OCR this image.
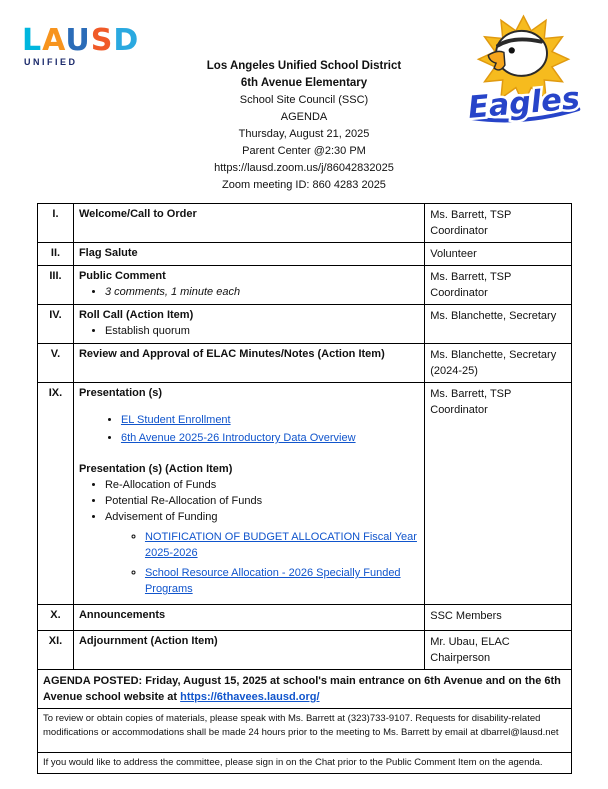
LAUSD
UNIFIED
Eagles
Los Angeles Unified School District
6th Avenue Elementary
School Site Council (SSC)
AGENDA
Thursday, August 21, 2025
Parent Center @2:30 PM
https://lausd.zoom.us/j/86042832025
Zoom meeting ID: 860 4283 2025
I.	Welcome/Call to Order	Ms. Barrett, TSP Coordinator
II.	Flag Salute	Volunteer
III.	Public Comment
• 3 comments, 1 minute each
	Ms. Barrett, TSP Coordinator
IV.	Roll Call (Action Item)
• Establish quorum
	Ms. Blanchette, Secretary
V.	Review and Approval of ELAC Minutes/Notes (Action Item)	Ms. Blanchette, Secretary (2024-25)
IX.	Presentation (s)
• EL Student Enrollment
• 6th Avenue 2025-26 Introductory Data Overview
Presentation (s) (Action Item)
• Re-Allocation of Funds
• Potential Re-Allocation of Funds
• Advisement of Funding
◦ NOTIFICATION OF BUDGET ALLOCATION Fiscal Year 2025-2026
◦ School Resource Allocation - 2026 Specially Funded Programs
	Ms. Barrett, TSP Coordinator
X.	Announcements	SSC Members
XI.	Adjournment (Action Item)	Mr. Ubau, ELAC Chairperson
AGENDA POSTED: Friday, August 15, 2025 at school's main entrance on 6th Avenue and on the 6th Avenue school website at https://6thavees.lausd.org/		
To review or obtain copies of materials, please speak with Ms. Barrett at (323)733-9107. Requests for disability-related modifications or accommodations shall be made 24 hours prior to the meeting to Ms. Barrett by email at dbarrel@lausd.net		
If you would like to address the committee, please sign in on the Chat prior to the Public Comment Item on the agenda.		
